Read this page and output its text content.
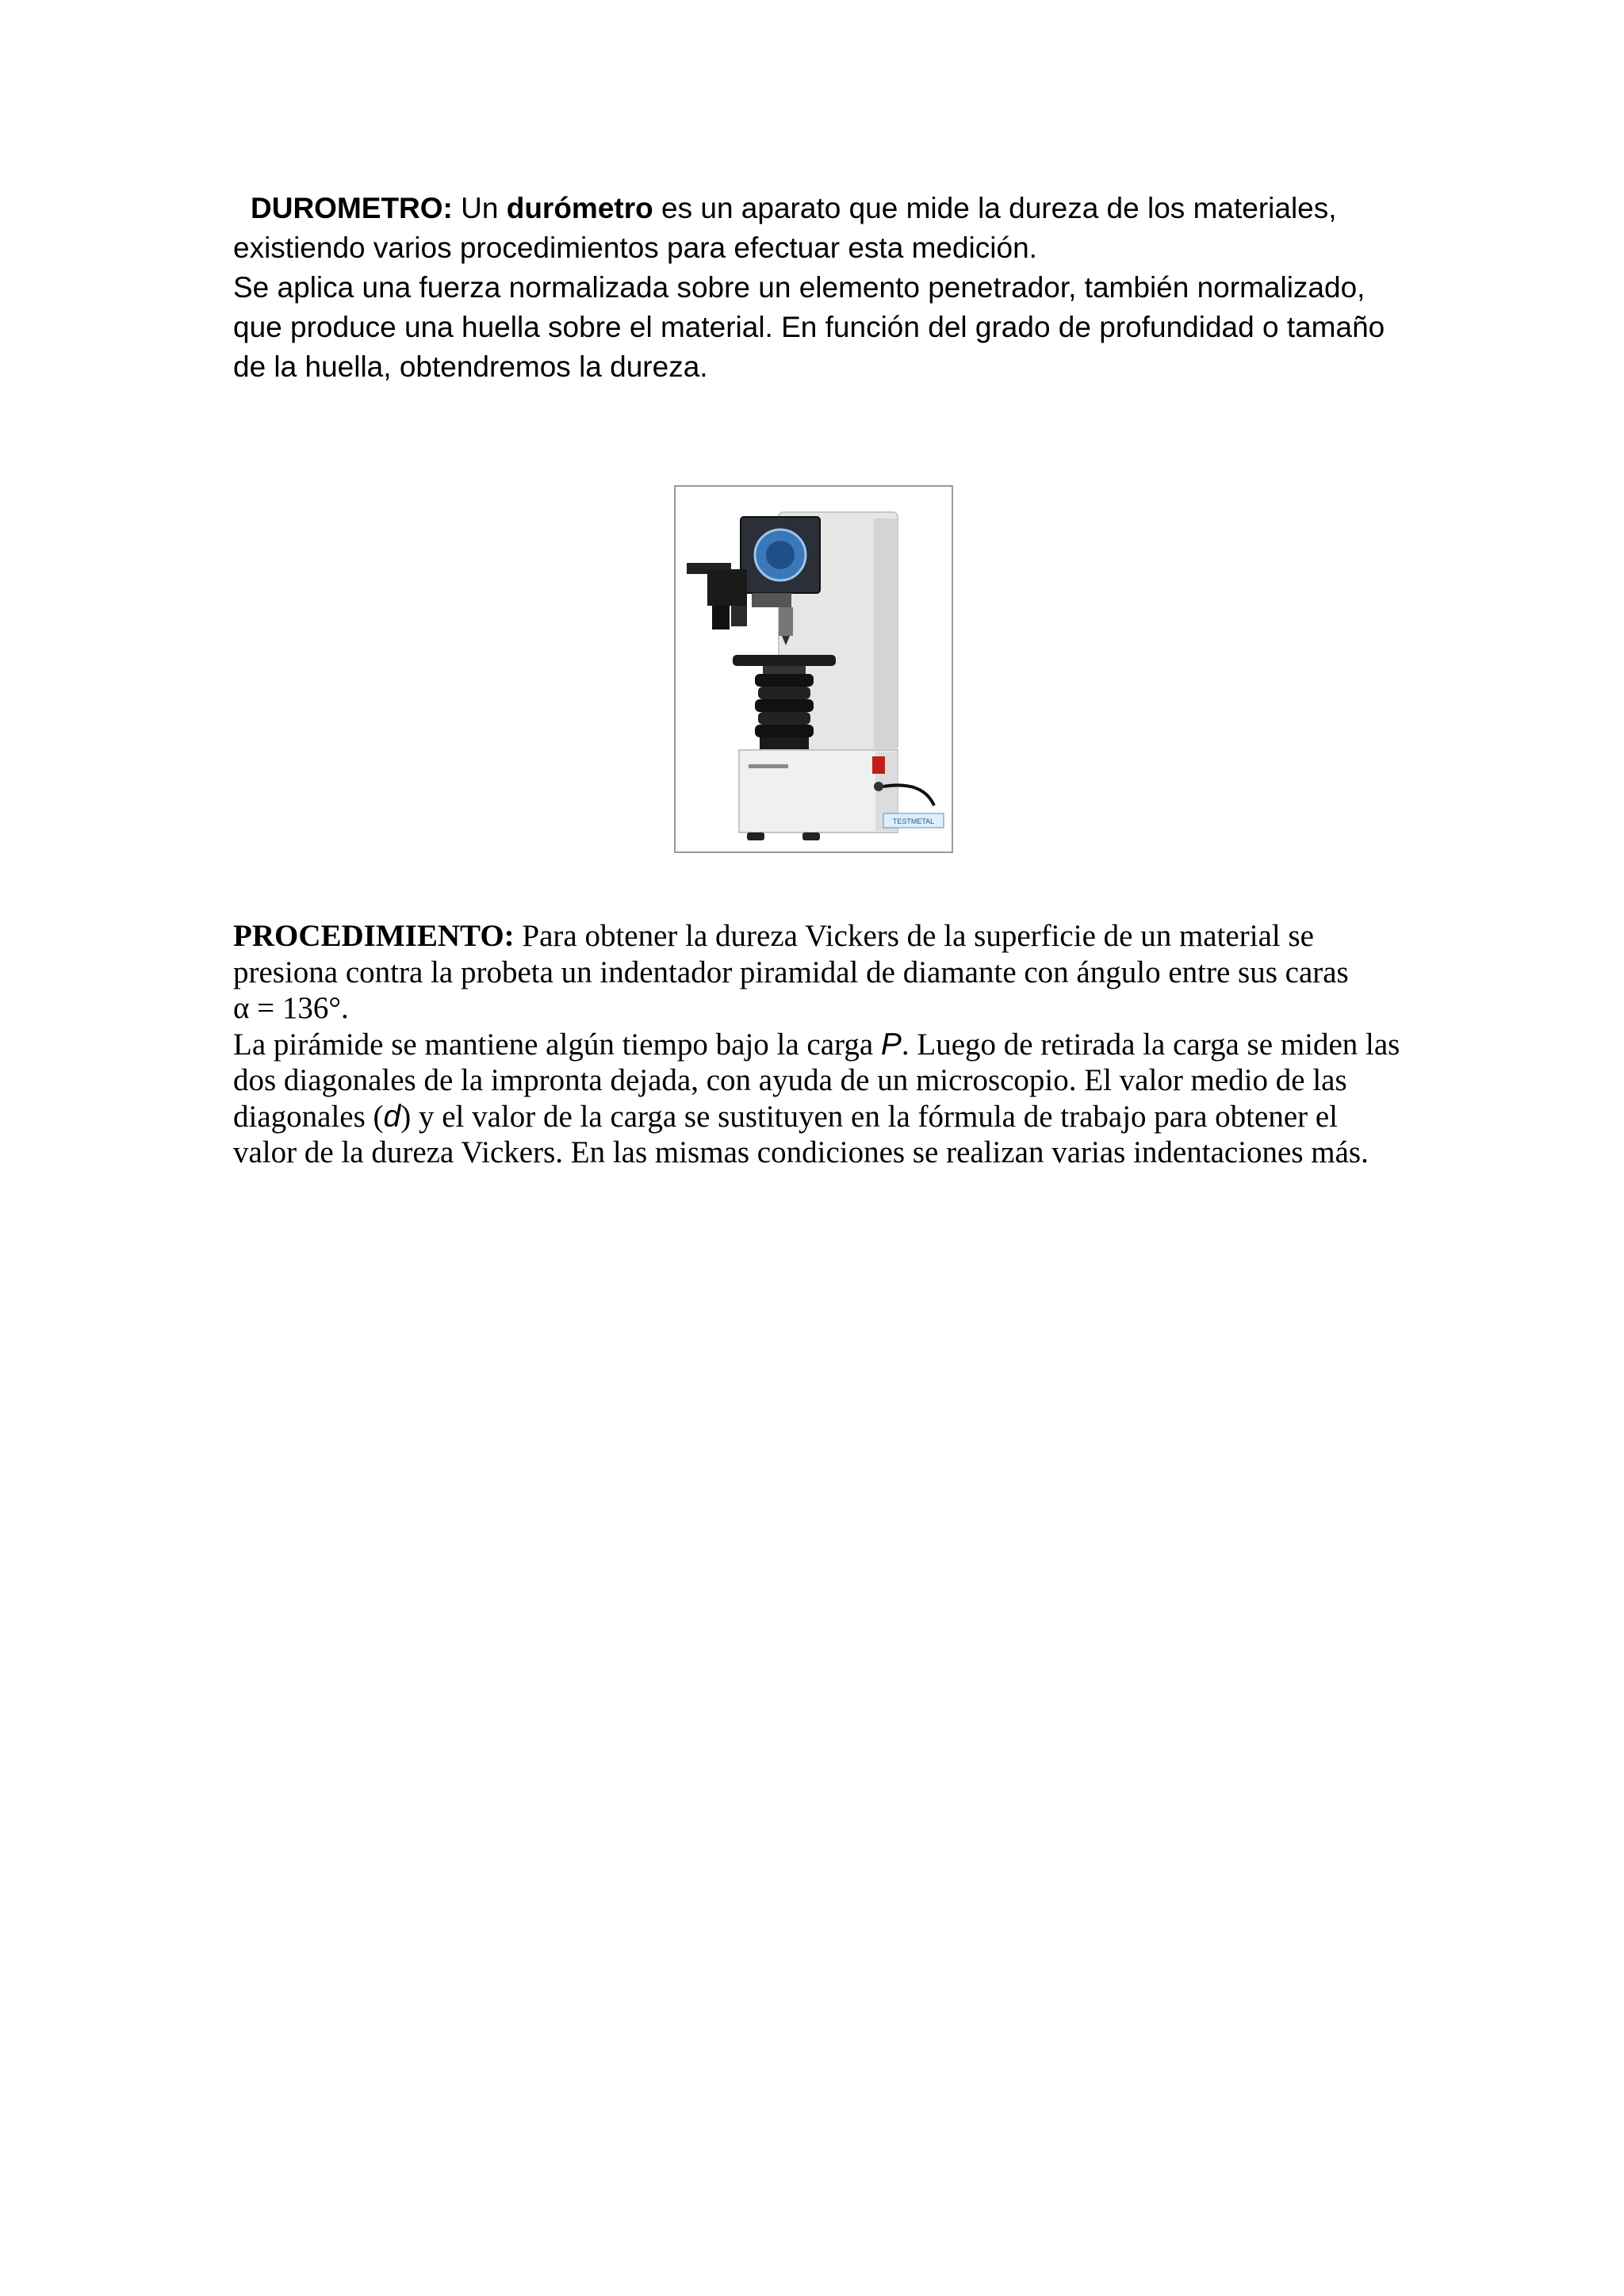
DUROMETRO: Un durómetro es un aparato que mide la dureza de los materiales,

existiendo varios procedimientos para efectuar esta medición.

Se aplica una fuerza normalizada sobre un elemento penetrador, también normalizado, que produce una huella sobre el material. En función del grado de profundidad o tamaño de la huella, obtendremos la dureza.

TESTMETAL

PROCEDIMIENTO: Para obtener la dureza Vickers de la superficie de un material se presiona contra la probeta un indentador piramidal de diamante con ángulo entre sus caras

α = 136°.

La pirámide se mantiene algún tiempo bajo la carga P. Luego de retirada la carga se miden las dos diagonales de la impronta dejada, con ayuda de un microscopio. El valor medio de las diagonales (d) y el valor de la carga se sustituyen en la fórmula de trabajo para obtener el valor de la dureza Vickers. En las mismas condiciones se realizan varias indentaciones más.
